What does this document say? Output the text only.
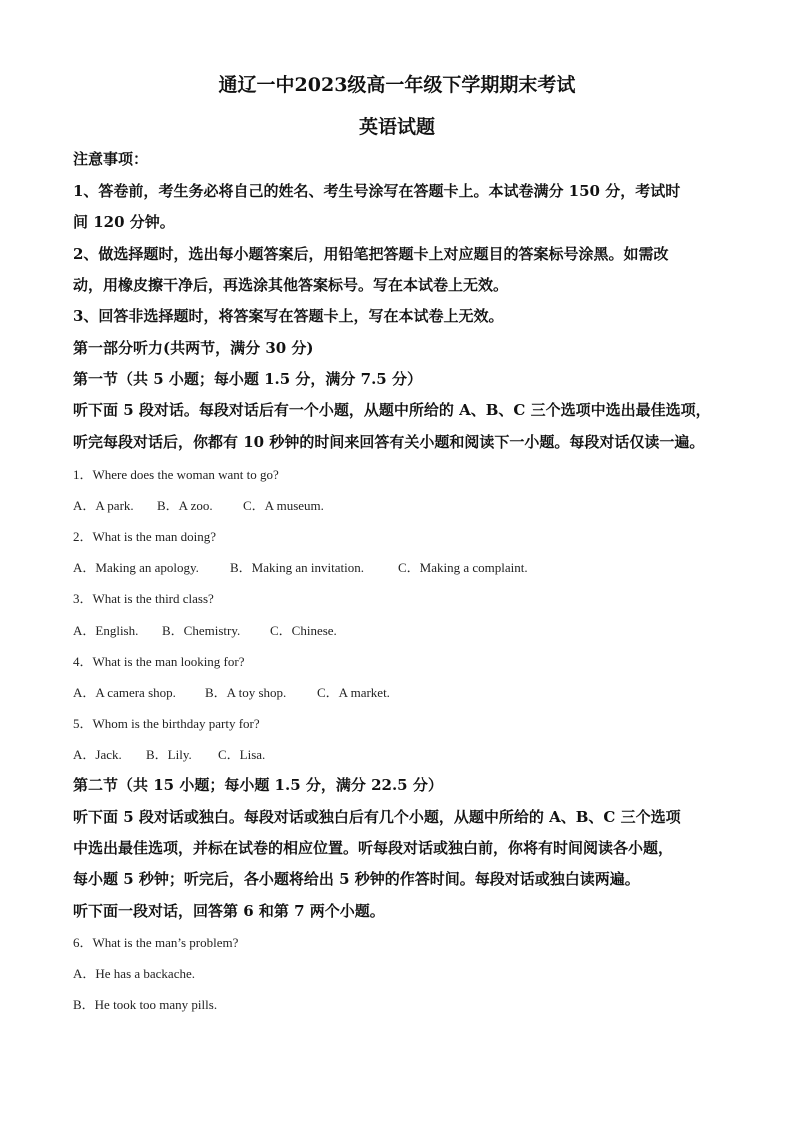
通辽一中2023级高一年级下学期期末考试

英语试题

注意事项：

1、答卷前，考生务必将自己的姓名、考生号涂写在答题卡上。本试卷满分 150 分，考试时

间 120 分钟。

2、做选择题时，选出每小题答案后，用铅笔把答题卡上对应题目的答案标号涂黑。如需改

动，用橡皮擦干净后，再选涂其他答案标号。写在本试卷上无效。

3、回答非选择题时，将答案写在答题卡上，写在本试卷上无效。

第一部分听力(共两节，满分 30 分)

第一节（共 5 小题；每小题 1.5 分，满分 7.5 分）

听下面 5 段对话。每段对话后有一个小题，从题中所给的 A、B、C 三个选项中选出最佳选项，

听完每段对话后，你都有 10 秒钟的时间来回答有关小题和阅读下一小题。每段对话仅读一遍。

1．Where does the woman want to go?

A．A park. B．A zoo. C．A museum.

2．What is the man doing?

A．Making an apology. B．Making an invitation.	C．Making a complaint.

3．What is the third class?

A．English. B．Chemistry. C．Chinese.

4．What is the man looking for?

A．A camera shop. B．A toy shop. C．A market.

5．Whom is the birthday party for?

A．Jack. B．Lily. C．Lisa.

第二节（共 15 小题；每小题 1.5 分，满分 22.5 分）

听下面 5 段对话或独白。每段对话或独白后有几个小题，从题中所给的 A、B、C 三个选项

中选出最佳选项，并标在试卷的相应位置。听每段对话或独白前，你将有时间阅读各小题，

每小题 5 秒钟；听完后，各小题将给出 5 秒钟的作答时间。每段对话或独白读两遍。

听下面一段对话，回答第 6 和第 7 两个小题。

6．What is the man’s problem?

A．He has a backache.

B．He took too many pills.
